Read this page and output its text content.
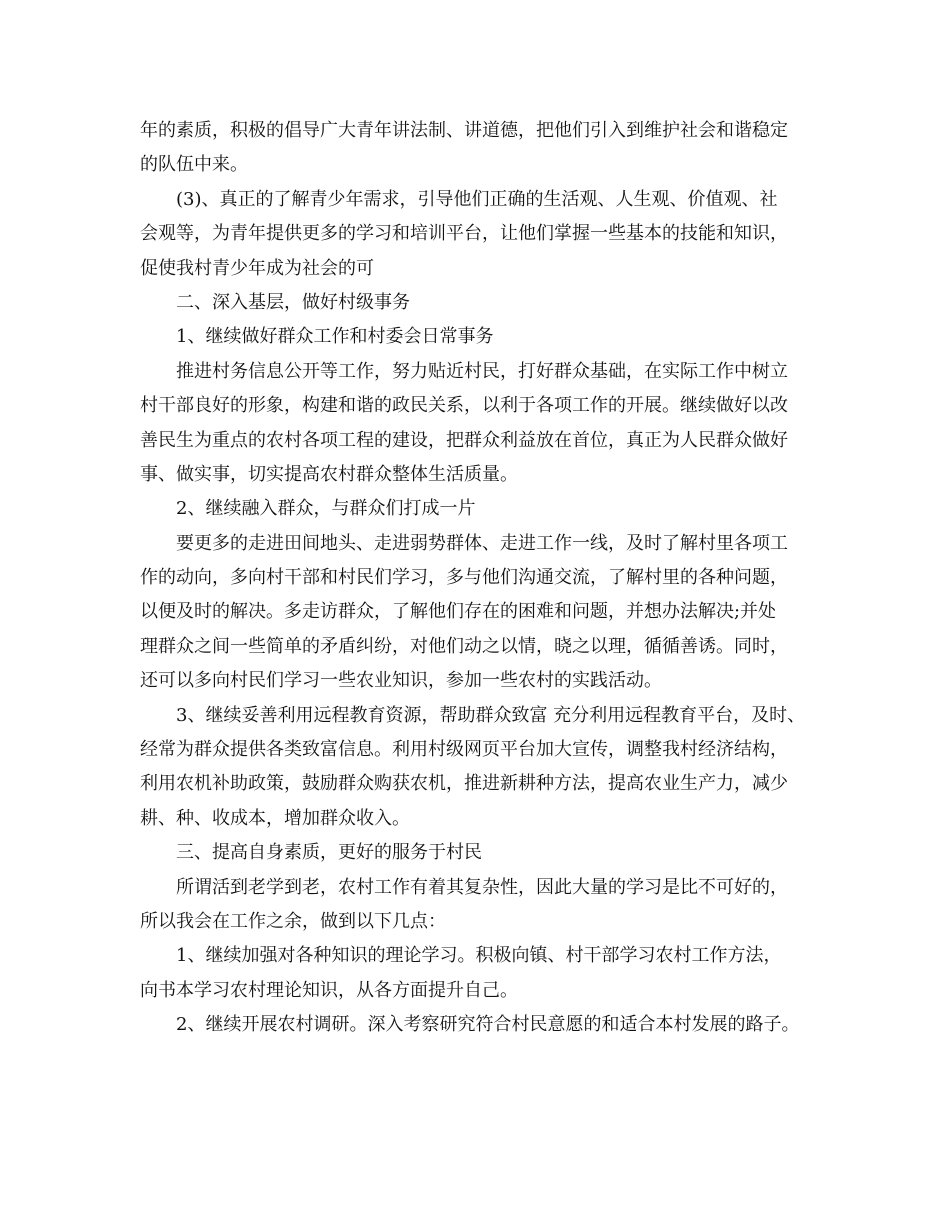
年的素质，积极的倡导广大青年讲法制、讲道德，把他们引入到维护社会和谐稳定
的队伍中来。
(3)、真正的了解青少年需求，引导他们正确的生活观、人生观、价值观、社
会观等，为青年提供更多的学习和培训平台，让他们掌握一些基本的技能和知识，
促使我村青少年成为社会的可
二、深入基层，做好村级事务
1、继续做好群众工作和村委会日常事务
推进村务信息公开等工作，努力贴近村民，打好群众基础，在实际工作中树立
村干部良好的形象，构建和谐的政民关系，以利于各项工作的开展。继续做好以改
善民生为重点的农村各项工程的建设，把群众利益放在首位，真正为人民群众做好
事、做实事，切实提高农村群众整体生活质量。
2、继续融入群众，与群众们打成一片
要更多的走进田间地头、走进弱势群体、走进工作一线，及时了解村里各项工
作的动向，多向村干部和村民们学习，多与他们沟通交流，了解村里的各种问题，
以便及时的解决。多走访群众，了解他们存在的困难和问题，并想办法解决;并处
理群众之间一些简单的矛盾纠纷，对他们动之以情，晓之以理，循循善诱。同时，
还可以多向村民们学习一些农业知识，参加一些农村的实践活动。
3、继续妥善利用远程教育资源，帮助群众致富 充分利用远程教育平台，及时、
经常为群众提供各类致富信息。利用村级网页平台加大宣传，调整我村经济结构，
利用农机补助政策，鼓励群众购获农机，推进新耕种方法，提高农业生产力，减少
耕、种、收成本，增加群众收入。
三、提高自身素质，更好的服务于村民
所谓活到老学到老，农村工作有着其复杂性，因此大量的学习是比不可好的，
所以我会在工作之余，做到以下几点：
1、继续加强对各种知识的理论学习。积极向镇、村干部学习农村工作方法，
向书本学习农村理论知识，从各方面提升自己。
2、继续开展农村调研。深入考察研究符合村民意愿的和适合本村发展的路子。
